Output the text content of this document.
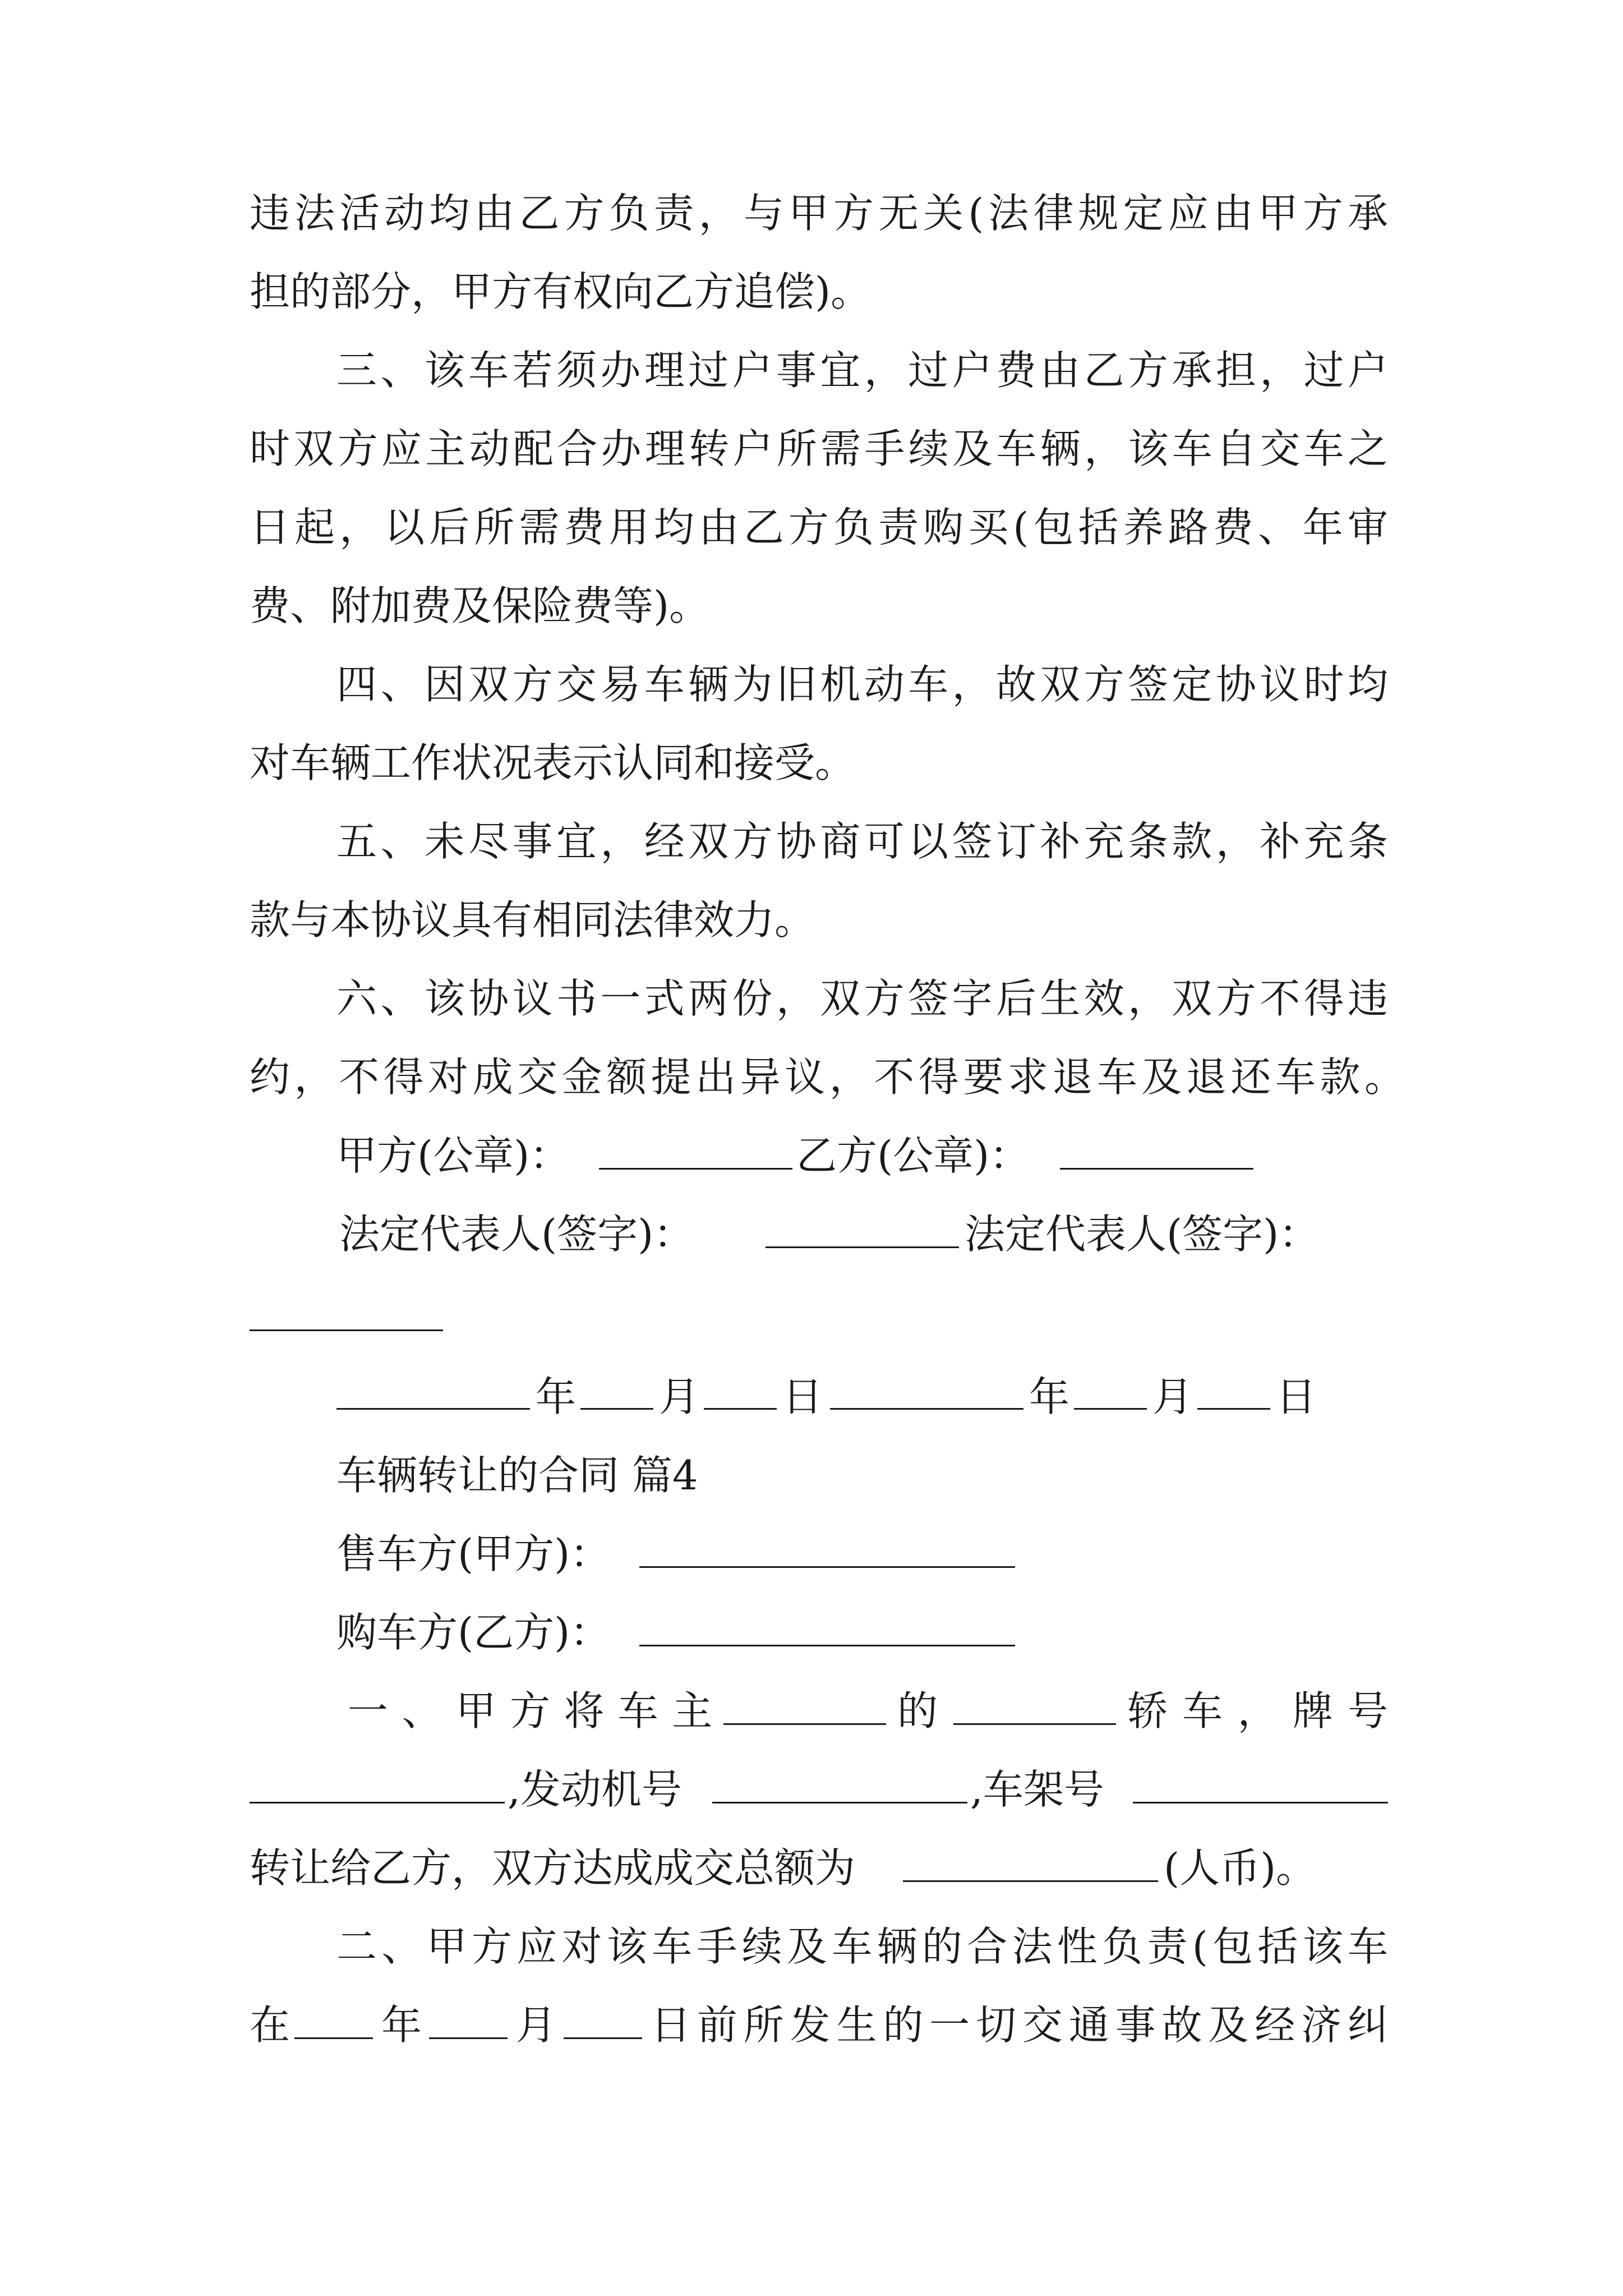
违法活动均由乙方负责，与甲方无关(法律规定应由甲方承
担的部分，甲方有权向乙方追偿)。
三、该车若须办理过户事宜，过户费由乙方承担，过户
时双方应主动配合办理转户所需手续及车辆，该车自交车之
日起，以后所需费用均由乙方负责购买(包括养路费、年审
费、附加费及保险费等)。
四、因双方交易车辆为旧机动车，故双方签定协议时均
对车辆工作状况表示认同和接受。
五、未尽事宜，经双方协商可以签订补充条款，补充条
款与本协议具有相同法律效力。
六、该协议书一式两份，双方签字后生效，双方不得违
约，不得对成交金额提出异议，不得要求退车及退还车款。
甲方(公章)：	乙方(公章)：
法定代表人(签字)：	法定代表人(签字)：
年 月 日	年 月 日
车辆转让的合同 篇4
售车方(甲方)：
购车方(乙方)：
一、甲方将车主	的	轿车，牌号
,发动机号	,车架号
转让给乙方，双方达成成交总额为	(人币)。
二、甲方应对该车手续及车辆的合法性负责(包括该车
在 年 月 日前所发生的一切交通事故及经济纠
